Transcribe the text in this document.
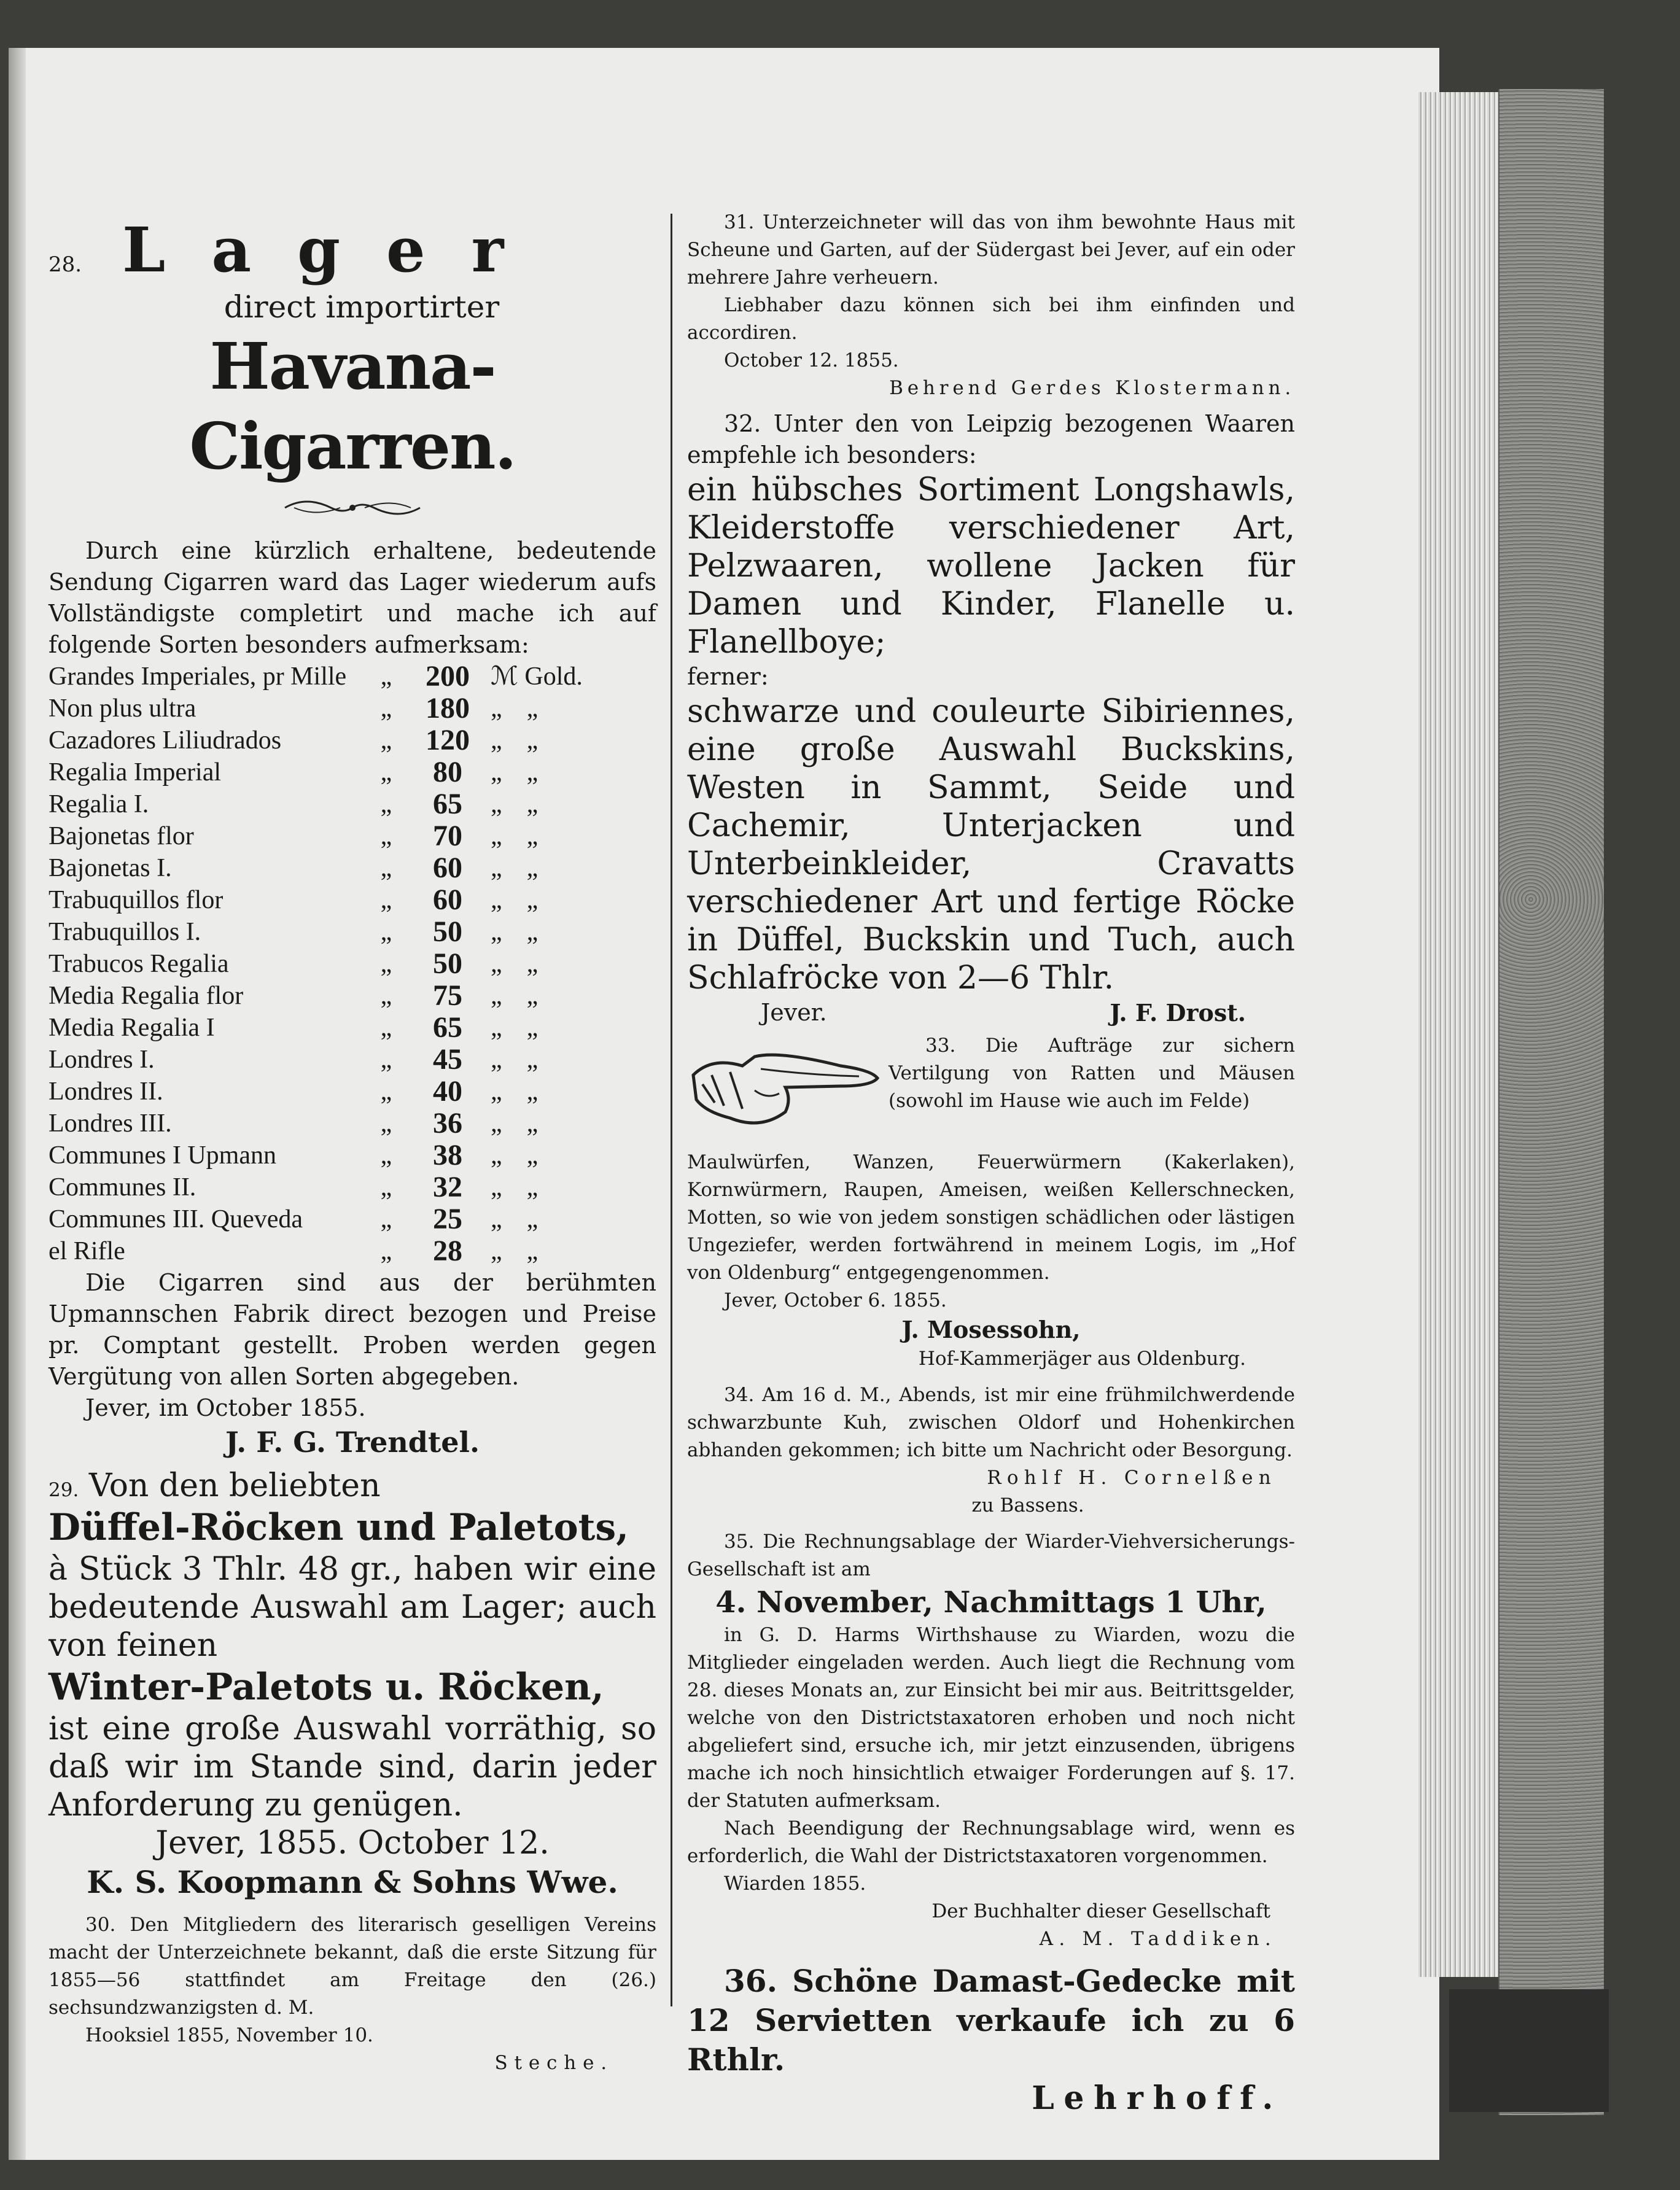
28. Lager
direct importirter
Havana-Cigarren.

Durch eine kürzlich erhaltene, bedeutende Sendung Cigarren ward das Lager wiederum aufs Vollständigste completirt und mache ich auf folgende Sorten besonders aufmerksam:

Grandes Imperiales, pr Mille	„	200	ℳ Gold.
Non plus ultra	„	180	„ „
Cazadores Liliudrados	„	120	„ „
Regalia Imperial	„	80	„ „
Regalia I.	„	65	„ „
Bajonetas flor	„	70	„ „
Bajonetas I.	„	60	„ „
Trabuquillos flor	„	60	„ „
Trabuquillos I.	„	50	„ „
Trabucos Regalia	„	50	„ „
Media Regalia flor	„	75	„ „
Media Regalia I	„	65	„ „
Londres I.	„	45	„ „
Londres II.	„	40	„ „
Londres III.	„	36	„ „
Communes I Upmann	„	38	„ „
Communes II.	„	32	„ „
Communes III. Queveda	„	25	„ „
el Rifle	„	28	„ „

Die Cigarren sind aus der berühmten Upmannschen Fabrik direct bezogen und Preise pr. Comptant gestellt. Proben werden gegen Vergütung von allen Sorten abgegeben.

Jever, im October 1855.

J. F. G. Trendtel.

29. Von den beliebten

Düffel-Röcken und Paletots,

à Stück 3 Thlr. 48 gr., haben wir eine bedeutende Auswahl am Lager; auch von feinen

Winter-Paletots u. Röcken,

ist eine große Auswahl vorräthig, so daß wir im Stande sind, darin jeder Anforderung zu genügen.

Jever, 1855. October 12.

K. S. Koopmann & Sohns Wwe.

30. Den Mitgliedern des literarisch geselligen Vereins macht der Unterzeichnete bekannt, daß die erste Sitzung für 1855—56 stattfindet am Freitage den (26.) sechsundzwanzigsten d. M.

Hooksiel 1855, November 10.

Steche.

31. Unterzeichneter will das von ihm bewohnte Haus mit Scheune und Garten, auf der Südergast bei Jever, auf ein oder mehrere Jahre verheuern.

Liebhaber dazu können sich bei ihm einfinden und accordiren.

October 12. 1855.

Behrend Gerdes Klostermann.

32. Unter den von Leipzig bezogenen Waaren empfehle ich besonders:

ein hübsches Sortiment Longshawls, Kleiderstoffe verschiedener Art, Pelzwaaren, wollene Jacken für Damen und Kinder, Flanelle u. Flanellboye;

ferner:

schwarze und couleurte Sibiriennes, eine große Auswahl Buckskins, Westen in Sammt, Seide und Cachemir, Unterjacken und Unterbeinkleider, Cravatts verschiedener Art und fertige Röcke in Düffel, Buckskin und Tuch, auch Schlafröcke von 2—6 Thlr.

Jever.	J. F. Drost.

33. Die Aufträge zur sichern Vertilgung von Ratten und Mäusen (sowohl im Hause wie auch im Felde)

Maulwürfen, Wanzen, Feuerwürmern (Kakerlaken), Kornwürmern, Raupen, Ameisen, weißen Kellerschnecken, Motten, so wie von jedem sonstigen schädlichen oder lästigen Ungeziefer, werden fortwährend in meinem Logis, im „Hof von Oldenburg“ entgegengenommen.

Jever, October 6. 1855.

J. Mosessohn,

Hof-Kammerjäger aus Oldenburg.

34. Am 16 d. M., Abends, ist mir eine frühmilchwerdende schwarzbunte Kuh, zwischen Oldorf und Hohenkirchen abhanden gekommen; ich bitte um Nachricht oder Besorgung.

Rohlf H. Cornelßen

zu Bassens.

35. Die Rechnungsablage der Wiarder-Viehversicherungs-Gesellschaft ist am

4. November, Nachmittags 1 Uhr,

in G. D. Harms Wirthshause zu Wiarden, wozu die Mitglieder eingeladen werden. Auch liegt die Rechnung vom 28. dieses Monats an, zur Einsicht bei mir aus. Beitrittsgelder, welche von den Districtstaxatoren erhoben und noch nicht abgeliefert sind, ersuche ich, mir jetzt einzusenden, übrigens mache ich noch hinsichtlich etwaiger Forderungen auf §. 17. der Statuten aufmerksam.

Nach Beendigung der Rechnungsablage wird, wenn es erforderlich, die Wahl der Districtstaxatoren vorgenommen.

Wiarden 1855.

Der Buchhalter dieser Gesellschaft

A. M. Taddiken.

36. Schöne Damast-Gedecke mit 12 Servietten verkaufe ich zu 6 Rthlr.

Lehrhoff.
